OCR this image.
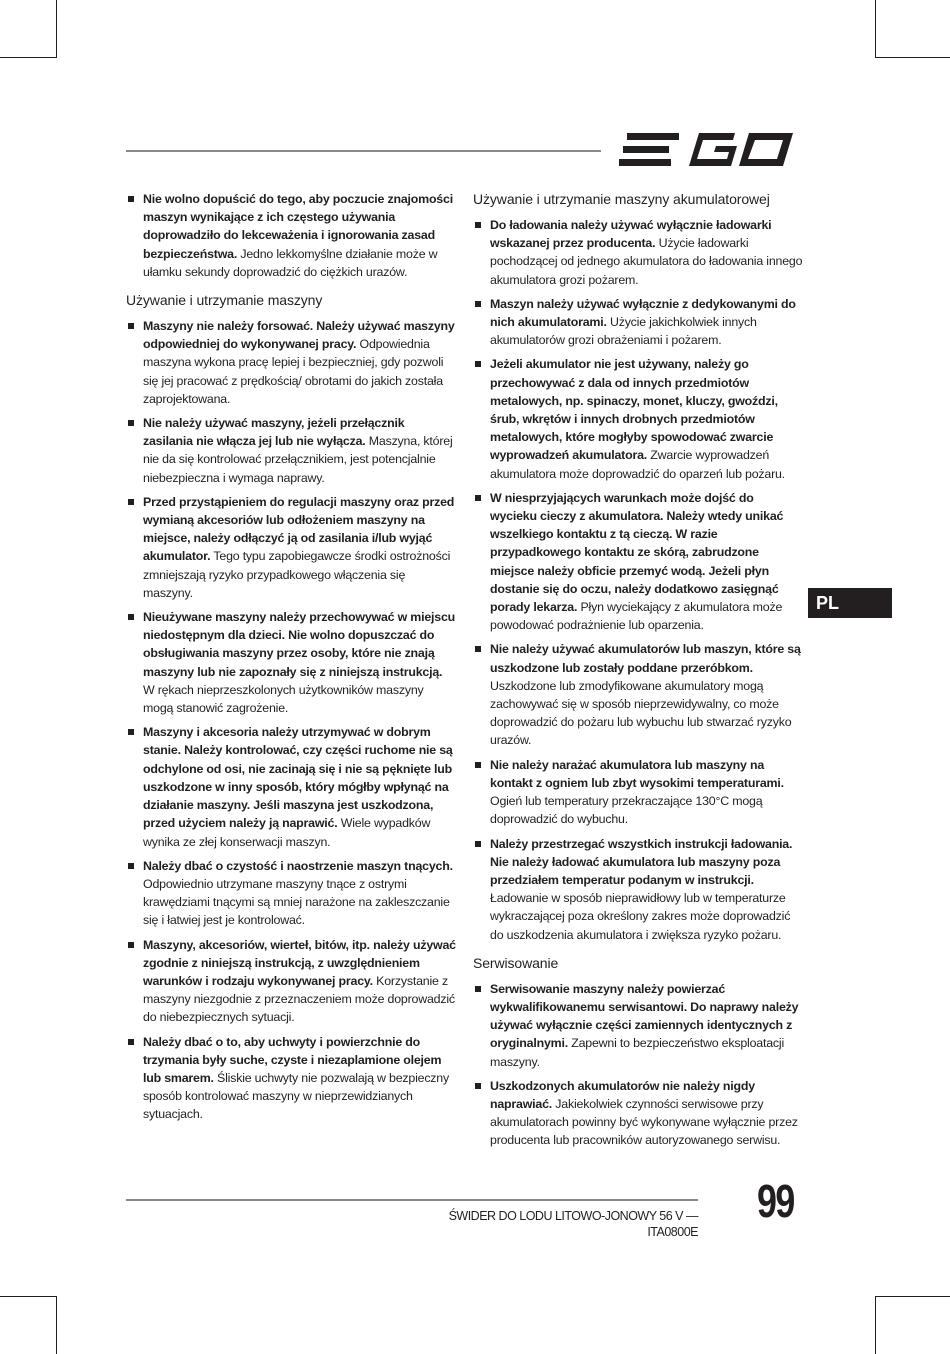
Nie wolno dopuścić do tego, aby poczucie znajomości maszyn wynikające z ich częstego używania doprowadziło do lekceważenia i ignorowania zasad bezpieczeństwa. Jedno lekkomyślne działanie może w ułamku sekundy doprowadzić do ciężkich urazów.
Używanie i utrzymanie maszyny
Maszyny nie należy forsować. Należy używać maszyny odpowiedniej do wykonywanej pracy. Odpowiednia maszyna wykona pracę lepiej i bezpieczniej, gdy pozwoli się jej pracować z prędkością/ obrotami do jakich została zaprojektowana.
Nie należy używać maszyny, jeżeli przełącznik zasilania nie włącza jej lub nie wyłącza. Maszyna, której nie da się kontrolować przełącznikiem, jest potencjalnie niebezpieczna i wymaga naprawy.
Przed przystąpieniem do regulacji maszyny oraz przed wymianą akcesoriów lub odłożeniem maszyny na miejsce, należy odłączyć ją od zasilania i/lub wyjąć akumulator. Tego typu zapobiegawcze środki ostrożności zmniejszają ryzyko przypadkowego włączenia się maszyny.
Nieużywane maszyny należy przechowywać w miejscu niedostępnym dla dzieci. Nie wolno dopuszczać do obsługiwania maszyny przez osoby, które nie znają maszyny lub nie zapoznały się z niniejszą instrukcją. W rękach nieprzeszkolonych użytkowników maszyny mogą stanowić zagrożenie.
Maszyny i akcesoria należy utrzymywać w dobrym stanie. Należy kontrolować, czy części ruchome nie są odchylone od osi, nie zacinają się i nie są pęknięte lub uszkodzone w inny sposób, który mógłby wpłynąć na działanie maszyny. Jeśli maszyna jest uszkodzona, przed użyciem należy ją naprawić. Wiele wypadków wynika ze złej konserwacji maszyn.
Należy dbać o czystość i naostrzenie maszyn tnących. Odpowiednio utrzymane maszyny tnące z ostrymi krawędziami tnącymi są mniej narażone na zakleszczanie się i łatwiej jest je kontrolować.
Maszyny, akcesoriów, wierteł, bitów, itp. należy używać zgodnie z niniejszą instrukcją, z uwzględnieniem warunków i rodzaju wykonywanej pracy. Korzystanie z maszyny niezgodnie z przeznaczeniem może doprowadzić do niebezpiecznych sytuacji.
Należy dbać o to, aby uchwyty i powierzchnie do trzymania były suche, czyste i niezaplamione olejem lub smarem. Śliskie uchwyty nie pozwalają w bezpieczny sposób kontrolować maszyny w nieprzewidzianych sytuacjach.
Używanie i utrzymanie maszyny akumulatorowej
Do ładowania należy używać wyłącznie ładowarki wskazanej przez producenta. Użycie ładowarki pochodzącej od jednego akumulatora do ładowania innego akumulatora grozi pożarem.
Maszyn należy używać wyłącznie z dedykowanymi do nich akumulatorami. Użycie jakichkolwiek innych akumulatorów grozi obrażeniami i pożarem.
Jeżeli akumulator nie jest używany, należy go przechowywać z dala od innych przedmiotów metalowych, np. spinaczy, monet, kluczy, gwoździ, śrub, wkrętów i innych drobnych przedmiotów metalowych, które mogłyby spowodować zwarcie wyprowadzeń akumulatora. Zwarcie wyprowadzeń akumulatora może doprowadzić do oparzeń lub pożaru.
W niesprzyjających warunkach może dojść do wycieku cieczy z akumulatora. Należy wtedy unikać wszelkiego kontaktu z tą cieczą. W razie przypadkowego kontaktu ze skórą, zabrudzone miejsce należy obficie przemyć wodą. Jeżeli płyn dostanie się do oczu, należy dodatkowo zasięgnąć porady lekarza. Płyn wyciekający z akumulatora może powodować podrażnienie lub oparzenia.
Nie należy używać akumulatorów lub maszyn, które są uszkodzone lub zostały poddane przeróbkom. Uszkodzone lub zmodyfikowane akumulatory mogą zachowywać się w sposób nieprzewidywalny, co może doprowadzić do pożaru lub wybuchu lub stwarzać ryzyko urazów.
Nie należy narażać akumulatora lub maszyny na kontakt z ogniem lub zbyt wysokimi temperaturami. Ogień lub temperatury przekraczające 130°C mogą doprowadzić do wybuchu.
Należy przestrzegać wszystkich instrukcji ładowania. Nie należy ładować akumulatora lub maszyny poza przedziałem temperatur podanym w instrukcji. Ładowanie w sposób nieprawidłowy lub w temperaturze wykraczającej poza określony zakres może doprowadzić do uszkodzenia akumulatora i zwiększa ryzyko pożaru.
Serwisowanie
Serwisowanie maszyny należy powierzać wykwalifikowanemu serwisantowi. Do naprawy należy używać wyłącznie części zamiennych identycznych z oryginalnymi. Zapewni to bezpieczeństwo eksploatacji maszyny.
Uszkodzonych akumulatorów nie należy nigdy naprawiać. Jakiekolwiek czynności serwisowe przy akumulatorach powinny być wykonywane wyłącznie przez producenta lub pracowników autoryzowanego serwisu.
PL
ŚWIDER DO LODU LITOWO-JONOWY 56 V — ITA0800E
99
